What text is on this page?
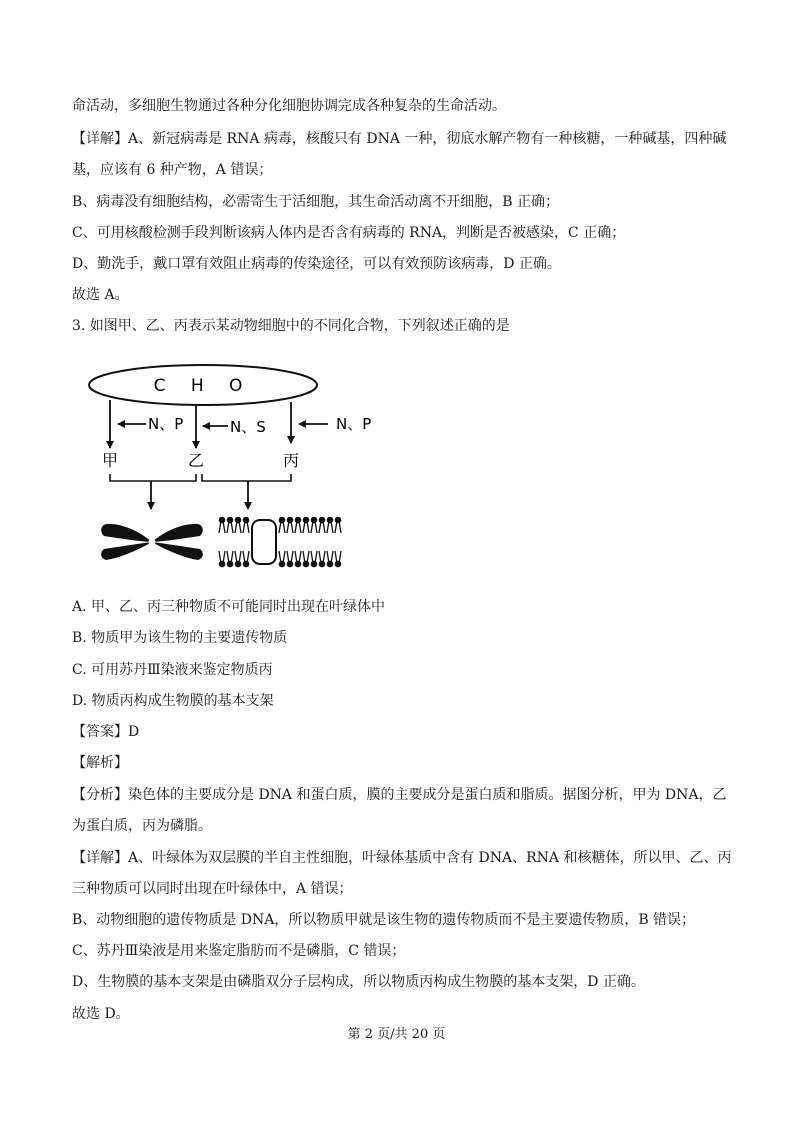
命活动，多细胞生物通过各种分化细胞协调完成各种复杂的生命活动。
【详解】A、新冠病毒是 RNA 病毒，核酸只有 DNA 一种，彻底水解产物有一种核糖，一种碱基，四种碱
基，应该有 6 种产物，A 错误；
B、病毒没有细胞结构，必需寄生于活细胞，其生命活动离不开细胞，B 正确；
C、可用核酸检测手段判断该病人体内是否含有病毒的 RNA，判断是否被感染，C 正确；
D、勤洗手，戴口罩有效阻止病毒的传染途径，可以有效预防该病毒，D 正确。
故选 A。
3. 如图甲、乙、丙表示某动物细胞中的不同化合物，下列叙述正确的是
C H O
N、P	N、S	N、P
甲	乙	丙
A. 甲、乙、丙三种物质不可能同时出现在叶绿体中
B. 物质甲为该生物的主要遗传物质
C. 可用苏丹Ⅲ染液来鉴定物质丙
D. 物质丙构成生物膜的基本支架
【答案】D
【解析】
【分析】染色体的主要成分是 DNA 和蛋白质，膜的主要成分是蛋白质和脂质。据图分析，甲为 DNA，乙
为蛋白质，丙为磷脂。
【详解】A、叶绿体为双层膜的半自主性细胞，叶绿体基质中含有 DNA、RNA 和核糖体，所以甲、乙、丙
三种物质可以同时出现在叶绿体中，A 错误；
B、动物细胞的遗传物质是 DNA，所以物质甲就是该生物的遗传物质而不是主要遗传物质，B 错误；
C、苏丹Ⅲ染液是用来鉴定脂肪而不是磷脂，C 错误；
D、生物膜的基本支架是由磷脂双分子层构成，所以物质丙构成生物膜的基本支架，D 正确。
故选 D。
第 2 页/共 20 页
